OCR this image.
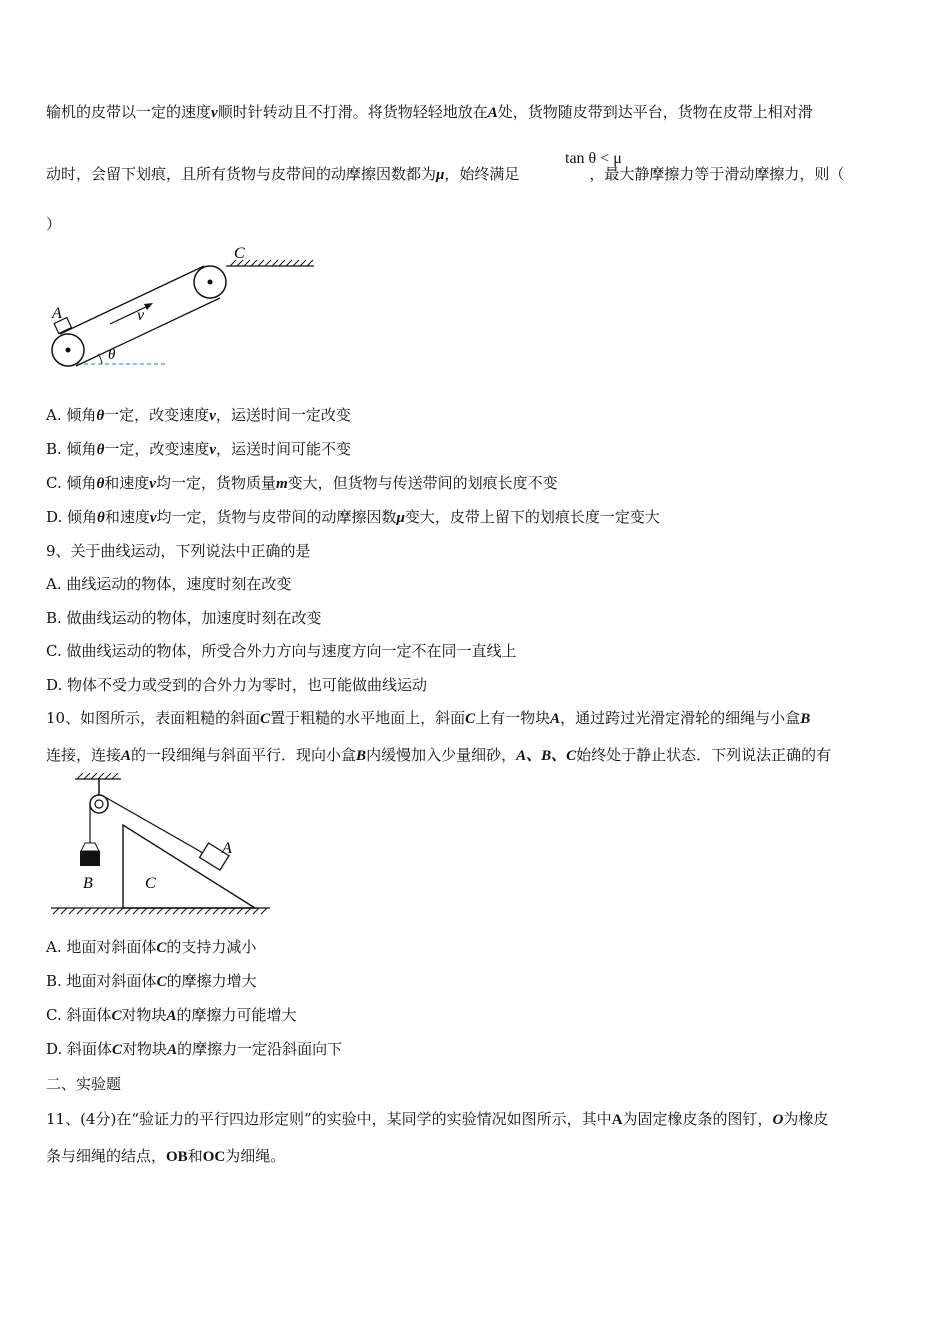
输机的皮带以一定的速度v顺时针转动且不打滑。将货物轻轻地放在A处，货物随皮带到达平台，货物在皮带上相对滑
动时，会留下划痕，且所有货物与皮带间的动摩擦因数都为μ，始终满足	，最大静摩擦力等于滑动摩擦力，则（
tan θ < μ
）
C
A	v
θ
A. 倾角θ一定，改变速度v，运送时间一定改变
B. 倾角θ一定，改变速度v，运送时间可能不变
C. 倾角θ和速度v均一定，货物质量m变大，但货物与传送带间的划痕长度不变
D. 倾角θ和速度v均一定，货物与皮带间的动摩擦因数μ变大，皮带上留下的划痕长度一定变大
9、关于曲线运动，下列说法中正确的是
A. 曲线运动的物体，速度时刻在改变
B. 做曲线运动的物体，加速度时刻在改变
C. 做曲线运动的物体，所受合外力方向与速度方向一定不在同一直线上
D. 物体不受力或受到的合外力为零时，也可能做曲线运动
10、如图所示，表面粗糙的斜面C置于粗糙的水平地面上，斜面C上有一物块A，通过跨过光滑定滑轮的细绳与小盒B
连接，连接A的一段细绳与斜面平行．现向小盒B内缓慢加入少量细砂，A、B、C始终处于静止状态．下列说法正确的有
A
B	C
A. 地面对斜面体C的支持力减小
B. 地面对斜面体C的摩擦力增大
C. 斜面体C对物块A的摩擦力可能增大
D. 斜面体C对物块A的摩擦力一定沿斜面向下
二、实验题
11、(4分)在“验证力的平行四边形定则”的实验中，某同学的实验情况如图所示，其中A为固定橡皮条的图钉，O为橡皮
条与细绳的结点，OB和OC为细绳。
